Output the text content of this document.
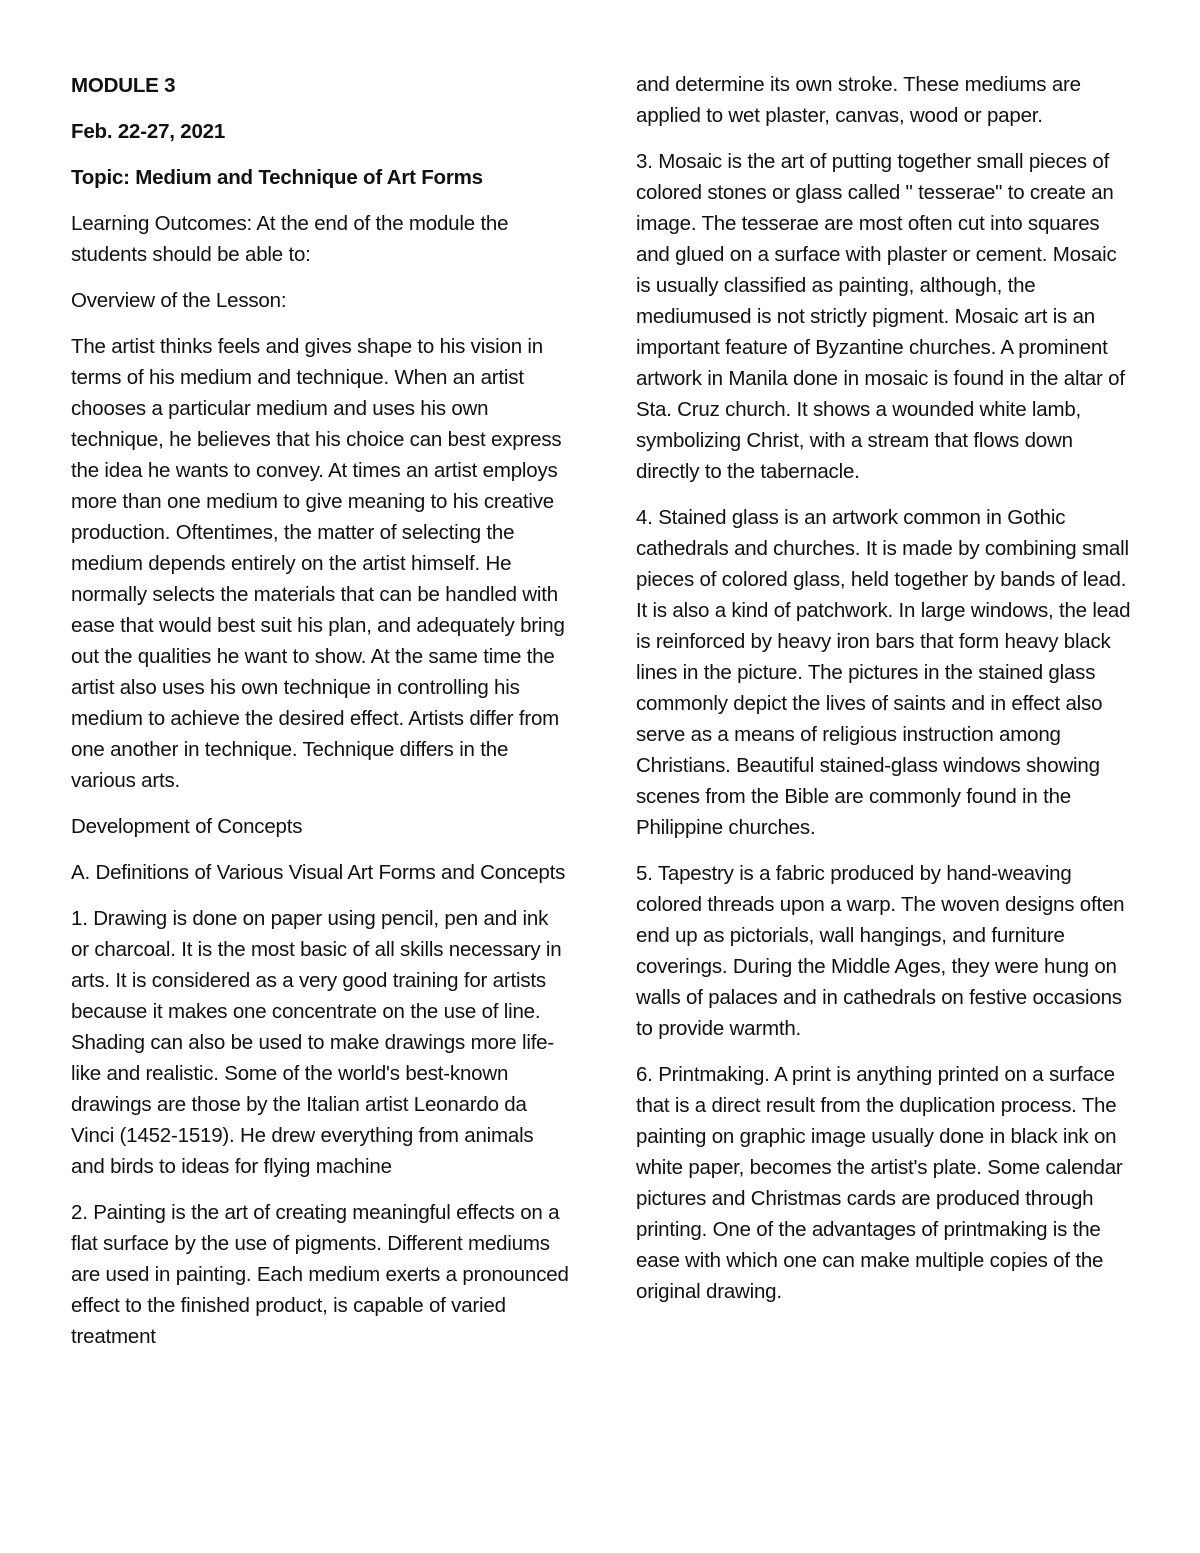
MODULE 3

Feb. 22-27, 2021

Topic: Medium and Technique of Art Forms

Learning Outcomes: At the end of the module the students should be able to:

Overview of the Lesson:

The artist thinks feels and gives shape to his vision in terms of his medium and technique. When an artist chooses a particular medium and uses his own technique, he believes that his choice can best express the idea he wants to convey. At times an artist employs more than one medium to give meaning to his creative production. Oftentimes, the matter of selecting the medium depends entirely on the artist himself. He normally selects the materials that can be handled with ease that would best suit his plan, and adequately bring out the qualities he want to show. At the same time the artist also uses his own technique in controlling his medium to achieve the desired effect. Artists differ from one another in technique. Technique differs in the various arts.

Development of Concepts

A. Definitions of Various Visual Art Forms and Concepts

1. Drawing is done on paper using pencil, pen and ink or charcoal. It is the most basic of all skills necessary in arts. It is considered as a very good training for artists because it makes one concentrate on the use of line. Shading can also be used to make drawings more life-like and realistic. Some of the world's best-known drawings are those by the Italian artist Leonardo da Vinci (1452-1519). He drew everything from animals and birds to ideas for flying machine

2. Painting is the art of creating meaningful effects on a flat surface by the use of pigments. Different mediums are used in painting. Each medium exerts a pronounced effect to the finished product, is capable of varied treatment

and determine its own stroke. These mediums are applied to wet plaster, canvas, wood or paper.

3. Mosaic is the art of putting together small pieces of colored stones or glass called " tesserae" to create an image. The tesserae are most often cut into squares and glued on a surface with plaster or cement. Mosaic is usually classified as painting, although, the mediumused is not strictly pigment. Mosaic art is an important feature of Byzantine churches. A prominent artwork in Manila done in mosaic is found in the altar of Sta. Cruz church. It shows a wounded white lamb, symbolizing Christ, with a stream that flows down directly to the tabernacle.

4. Stained glass is an artwork common in Gothic cathedrals and churches. It is made by combining small pieces of colored glass, held together by bands of lead. It is also a kind of patchwork. In large windows, the lead is reinforced by heavy iron bars that form heavy black lines in the picture. The pictures in the stained glass commonly depict the lives of saints and in effect also serve as a means of religious instruction among Christians. Beautiful stained-glass windows showing scenes from the Bible are commonly found in the Philippine churches.

5. Tapestry is a fabric produced by hand-weaving colored threads upon a warp. The woven designs often end up as pictorials, wall hangings, and furniture coverings. During the Middle Ages, they were hung on walls of palaces and in cathedrals on festive occasions to provide warmth.

6. Printmaking. A print is anything printed on a surface that is a direct result from the duplication process. The painting on graphic image usually done in black ink on white paper, becomes the artist's plate. Some calendar pictures and Christmas cards are produced through printing. One of the advantages of printmaking is the ease with which one can make multiple copies of the original drawing.
